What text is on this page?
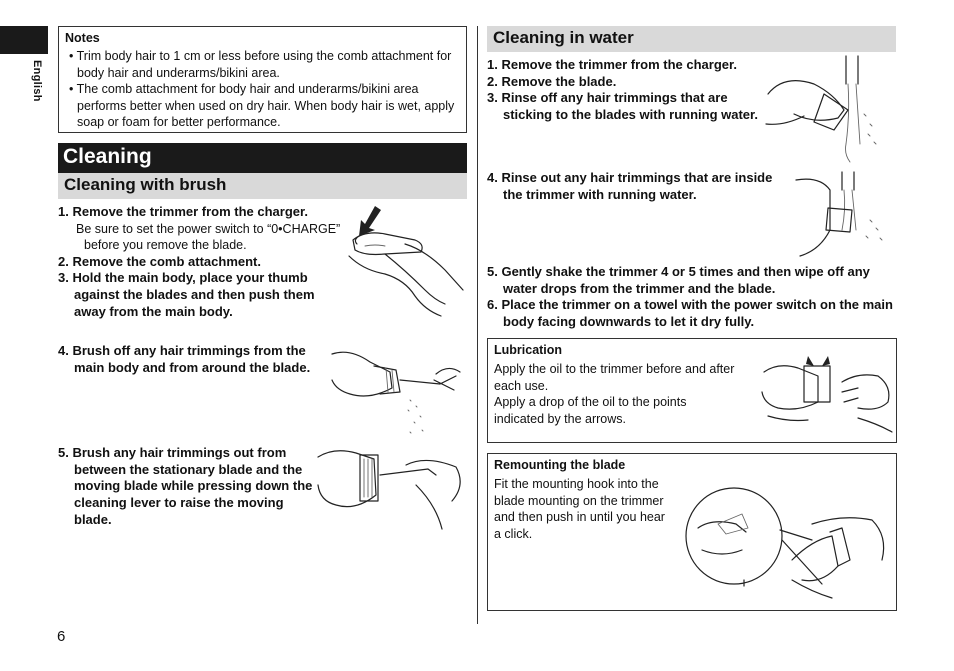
English
6
Notes
• Trim body hair to 1 cm or less before using the comb attachment for body hair and underarms/bikini area.
• The comb attachment for body hair and underarms/bikini area performs better when used on dry hair. When body hair is wet, apply soap or foam for better performance.
Cleaning
Cleaning with brush
1. Remove the trimmer from the charger.
Be sure to set the power switch to “0•CHARGE” before you remove the blade.
2. Remove the comb attachment.
3. Hold the main body, place your thumb against the blades and then push them away from the main body.
4. Brush off any hair trimmings from the main body and from around the blade.
5. Brush any hair trimmings out from between the stationary blade and the moving blade while pressing down the cleaning lever to raise the moving blade.
Cleaning in water
1. Remove the trimmer from the charger.
2. Remove the blade.
3. Rinse off any hair trimmings that are sticking to the blades with running water.
4. Rinse out any hair trimmings that are inside the trimmer with running water.
5. Gently shake the trimmer 4 or 5 times and then wipe off any water drops from the trimmer and the blade.
6. Place the trimmer on a towel with the power switch on the main body facing downwards to let it dry fully.
Lubrication
Apply the oil to the trimmer before and after each use.
Apply a drop of the oil to the points indicated by the arrows.
Remounting the blade
Fit the mounting hook into the blade mounting on the trimmer and then push in until you hear a click.
